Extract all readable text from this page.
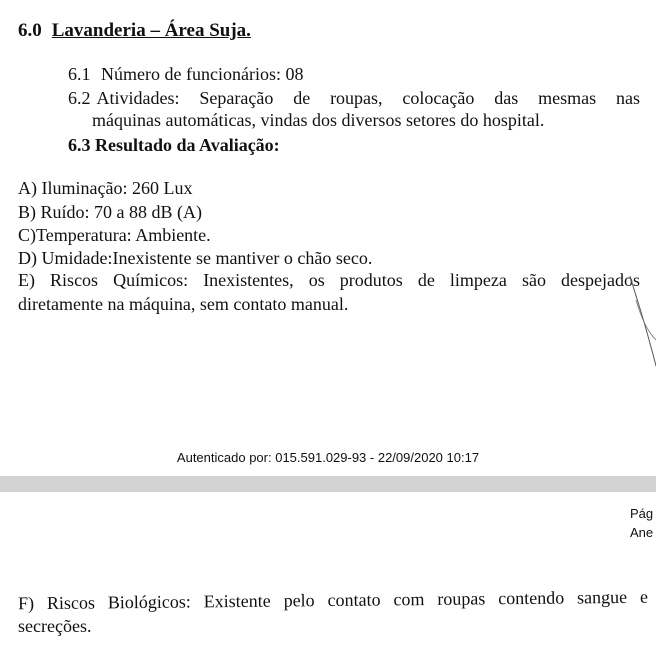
6.0 Lavanderia – Área Suja.
6.1 Número de funcionários: 08
6.2 Atividades: Separação de roupas, colocação das mesmas nas
máquinas automáticas, vindas dos diversos setores do hospital.
6.3 Resultado da Avaliação:
A) Iluminação: 260 Lux
B) Ruído: 70 a 88 dB (A)
C)Temperatura: Ambiente.
D) Umidade:Inexistente se mantiver o chão seco.
E) Riscos Químicos: Inexistentes, os produtos de limpeza são despejados
diretamente na máquina, sem contato manual.
Autenticado por: 015.591.029-93 - 22/09/2020 10:17
Pág
Ane
F) Riscos Biológicos: Existente pelo contato com roupas contendo sangue e
secreções.
